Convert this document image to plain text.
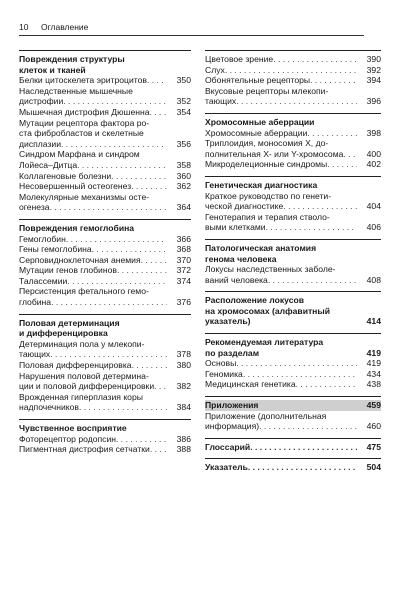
10 Оглавление
Повреждения структуры
клеток и тканей
Белки цитоскелета эритроцитов . . .	350
Наследственные мышечные
дистрофии . . .	352
Мышечная дистрофия Дюшенна . . .	354
Мутации рецептора фактора ро-
ста фибробластов и скелетные
дисплазии . . .	356
Синдром Марфана и синдром
Лойеса–Дитца . . .	358
Коллагеновые болезни . . .	360
Несовершенный остеогенез . . .	362
Молекулярные механизмы осте-
огенеза . . .	364
Повреждения гемоглобина
Гемоглобин . . .	366
Гены гемоглобина . . .	368
Серповидноклеточная анемия . . .	370
Мутации генов глобинов . . .	372
Талассемии . . .	374
Персистенция фетального гемо-
глобина . . .	376
Половая детерминация
и дифференцировка
Детерминация пола у млекопи-
тающих . . .	378
Половая дифференцировка . . .	380
Нарушения половой детермина-
ции и половой дифференцировки . . .	382
Врожденная гиперплазия коры
надпочечников . . .	384
Чувственное восприятие
Фоторецептор родопсин . . .	386
Пигментная дистрофия сетчатки . . .	388
Цветовое зрение . . .	390
Слух . . .	392
Обонятельные рецепторы . . .	394
Вкусовые рецепторы млекопи-
тающих . . .	396
Хромосомные аберрации
Хромосомные аберрации . . .	398
Триплоидия, моносомия X, до-
полнительная X- или Y-хромосома . . .	400
Микроделеционные синдромы . . .	402
Генетическая диагностика
Краткое руководство по генети-
ческой диагностике . . .	404
Генотерапия и терапия стволо-
выми клетками . . .	406
Патологическая анатомия
генома человека
Локусы наследственных заболе-
ваний человека . . .	408
Расположение локусов
на хромосомах (алфавитный
указатель)	414
Рекомендуемая литература
по разделам	419
Основы . . .	419
Геномика . . .	434
Медицинская генетика . . .	438
Приложения	459
Приложение (дополнительная
информация) . . .	460
Глоссарий . . .	475
Указатель . . .	504
